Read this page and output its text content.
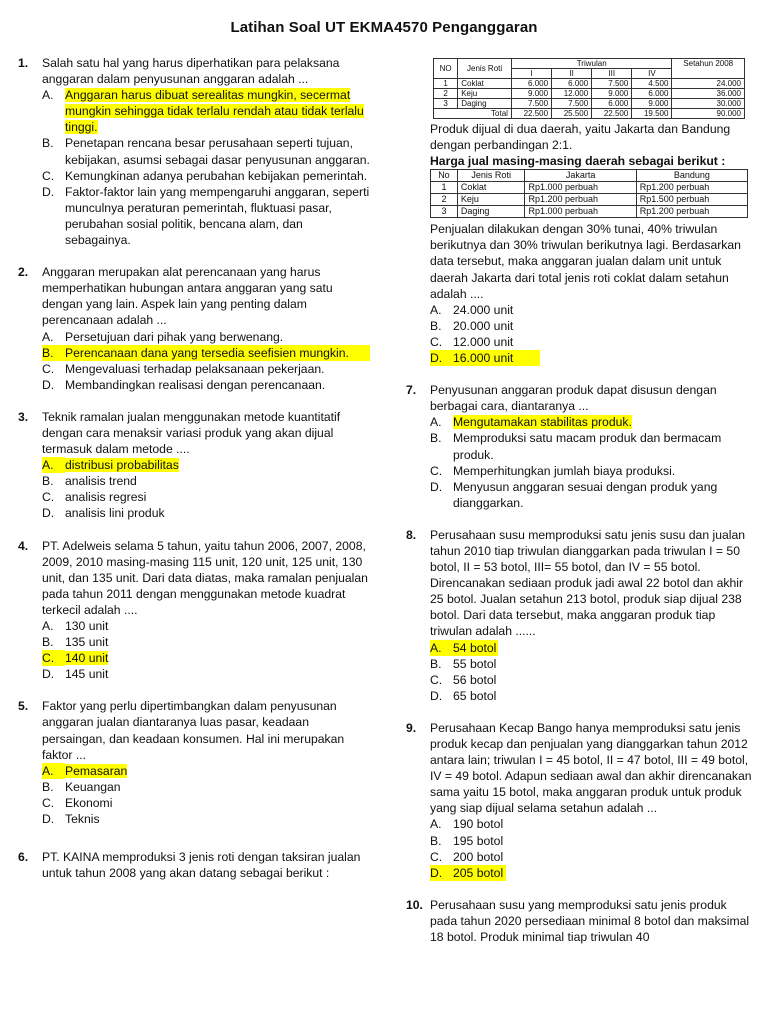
Latihan Soal UT EKMA4570 Penganggaran
1.	Salah satu hal yang harus diperhatikan para pelaksana anggaran dalam penyusunan anggaran adalah ...
A. Anggaran harus dibuat serealitas mungkin, secermat mungkin sehingga tidak terlalu rendah atau tidak terlalu tinggi.
B. Penetapan rencana besar perusahaan seperti tujuan, kebijakan, asumsi sebagai dasar penyusunan anggaran.
C. Kemungkinan adanya perubahan kebijakan pemerintah.
D. Faktor-faktor lain yang mempengaruhi anggaran, seperti munculnya peraturan pemerintah, fluktuasi pasar, perubahan sosial politik, bencana alam, dan sebagainya.
2.	Anggaran merupakan alat perencanaan yang harus memperhatikan hubungan antara anggaran yang satu dengan yang lain. Aspek lain yang penting dalam perencanaan adalah ...
A. Persetujuan dari pihak yang berwenang.
B. Perencanaan dana yang tersedia seefisien mungkin.
C. Mengevaluasi terhadap pelaksanaan pekerjaan.
D. Membandingkan realisasi dengan perencanaan.
3.	Teknik ramalan jualan menggunakan metode kuantitatif dengan cara menaksir variasi produk yang akan dijual termasuk dalam metode ....
A. distribusi probabilitas
B. analisis trend
C. analisis regresi
D. analisis lini produk
4.	PT. Adelweis selama 5 tahun, yaitu tahun 2006, 2007, 2008, 2009, 2010 masing-masing 115 unit, 120 unit, 125 unit, 130 unit, dan 135 unit. Dari data diatas, maka ramalan penjualan pada tahun 2011 dengan menggunakan metode kuadrat terkecil adalah ....
A. 130 unit
B. 135 unit
C. 140 unit
D. 145 unit
5.	Faktor yang perlu dipertimbangkan dalam penyusunan anggaran jualan diantaranya luas pasar, keadaan persaingan, dan keadaan konsumen. Hal ini merupakan faktor ...
A. Pemasaran
B. Keuangan
C. Ekonomi
D. Teknis
6.	PT. KAINA memproduksi 3 jenis roti dengan taksiran jualan untuk tahun 2008 yang akan datang sebagai berikut :
NO	Jenis Roti	Triwulan				Setahun 2008
		I	II	III	IV	
1	Coklat	6.000	6.000	7.500	4.500	24.000
2	Keju	9.000	12.000	9.000	6.000	36.000
3	Daging	7.500	7.500	6.000	9.000	30.000
Total		22.500	25.500	22.500	19.500	90.000
Produk dijual di dua daerah, yaitu Jakarta dan Bandung dengan perbandingan 2:1.
Harga jual masing-masing daerah sebagai berikut :
No	Jenis Roti	Jakarta	Bandung
1	Coklat	Rp1.000 perbuah	Rp1.200 perbuah
2	Keju	Rp1.200 perbuah	Rp1.500 perbuah
3	Daging	Rp1.000 perbuah	Rp1.200 perbuah
Penjualan dilakukan dengan 30% tunai, 40% triwulan berikutnya dan 30% triwulan berikutnya lagi. Berdasarkan data tersebut, maka anggaran jualan dalam unit untuk daerah Jakarta dari total jenis roti coklat dalam setahun adalah ....
A. 24.000 unit
B. 20.000 unit
C. 12.000 unit
D. 16.000 unit
7.	Penyusunan anggaran produk dapat disusun dengan berbagai cara, diantaranya ...
A. Mengutamakan stabilitas produk.
B. Memproduksi satu macam produk dan bermacam produk.
C. Memperhitungkan jumlah biaya produksi.
D. Menyusun anggaran sesuai dengan produk yang dianggarkan.
8.	Perusahaan susu memproduksi satu jenis susu dan jualan tahun 2010 tiap triwulan dianggarkan pada triwulan I = 50 botol, II = 53 botol, III= 55 botol, dan IV = 55 botol. Direncanakan sediaan produk jadi awal 22 botol dan akhir 25 botol. Jualan setahun 213 botol, produk siap dijual 238 botol. Dari data tersebut, maka anggaran produk tiap triwulan adalah ......
A. 54 botol
B. 55 botol
C. 56 botol
D. 65 botol
9.	Perusahaan Kecap Bango hanya memproduksi satu jenis produk kecap dan penjualan yang dianggarkan tahun 2012 antara lain; triwulan I = 45 botol, II = 47 botol, III = 49 botol, IV = 49 botol. Adapun sediaan awal dan akhir direncanakan sama yaitu 15 botol, maka anggaran produk untuk produk yang siap dijual selama setahun adalah ...
A. 190 botol
B. 195 botol
C. 200 botol
D. 205 botol
10. Perusahaan susu yang memproduksi satu jenis produk pada tahun 2020 persediaan minimal 8 botol dan maksimal 18 botol. Produk minimal tiap triwulan 40
